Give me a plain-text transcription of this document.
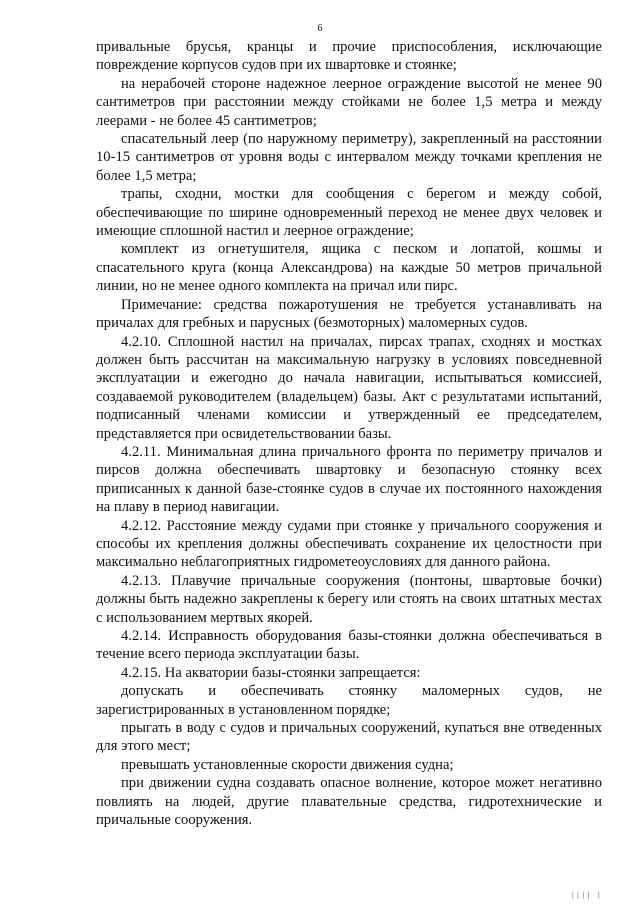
6

привальные брусья, кранцы и прочие приспособления, исключающие повреждение корпусов судов при их швартовке и стоянке;

на нерабочей стороне надежное леерное ограждение высотой не менее 90 сантиметров при расстоянии между стойками не более 1,5 метра и между леерами - не более 45 сантиметров;

спасательный леер (по наружному периметру), закрепленный на расстоянии 10-15 сантиметров от уровня воды с интервалом между точками крепления не более 1,5 метра;

трапы, сходни, мостки для сообщения с берегом и между собой, обеспечивающие по ширине одновременный переход не менее двух человек и имеющие сплошной настил и леерное ограждение;

комплект из огнетушителя, ящика с песком и лопатой, кошмы и спасательного круга (конца Александрова) на каждые 50 метров причальной линии, но не менее одного комплекта на причал или пирс.

Примечание: средства пожаротушения не требуется устанавливать на причалах для гребных и парусных (безмоторных) маломерных судов.

4.2.10. Сплошной настил на причалах, пирсах трапах, сходнях и мостках должен быть рассчитан на максимальную нагрузку в условиях повседневной эксплуатации и ежегодно до начала навигации, испытываться комиссией, создаваемой руководителем (владельцем) базы. Акт с результатами испытаний, подписанный членами комиссии и утвержденный ее председателем, представляется при освидетельствовании базы.

4.2.11. Минимальная длина причального фронта по периметру причалов и пирсов должна обеспечивать швартовку и безопасную стоянку всех приписанных к данной базе-стоянке судов в случае их постоянного нахождения на плаву в период навигации.

4.2.12. Расстояние между судами при стоянке у причального сооружения и способы их крепления должны обеспечивать сохранение их целостности при максимально неблагоприятных гидрометеоусловиях для данного района.

4.2.13. Плавучие причальные сооружения (понтоны, швартовые бочки) должны быть надежно закреплены к берегу или стоять на своих штатных местах с использованием мертвых якорей.

4.2.14. Исправность оборудования базы-стоянки должна обеспечиваться в течение всего периода эксплуатации базы.

4.2.15. На акватории базы-стоянки запрещается:

допускать и обеспечивать стоянку маломерных судов, не зарегистрированных в установленном порядке;

прыгать в воду с судов и причальных сооружений, купаться вне отведенных для этого мест;

превышать установленные скорости движения судна;

при движении судна создавать опасное волнение, которое может негативно повлиять на людей, другие плавательные средства, гидротехнические и причальные сооружения.

|||| |
